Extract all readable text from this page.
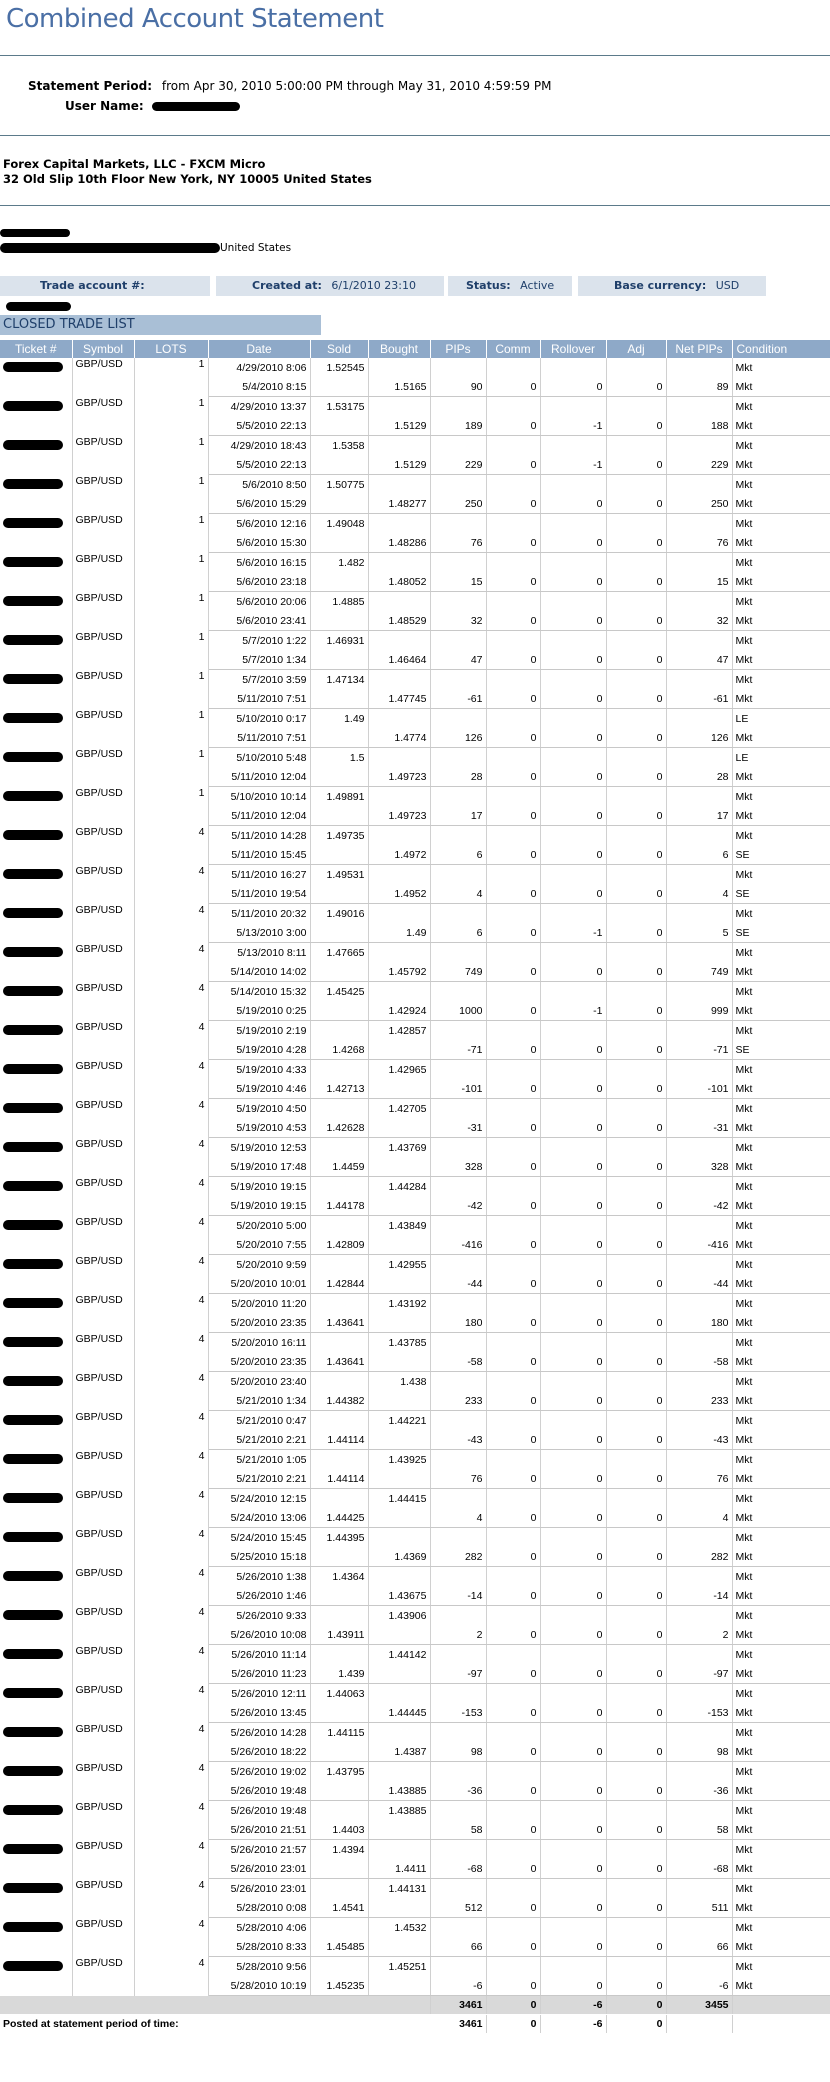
Combined Account Statement
Statement Period: from Apr 30, 2010 5:00:00 PM through May 31, 2010 4:59:59 PM
User Name:
Forex Capital Markets, LLC - FXCM Micro
32 Old Slip 10th Floor New York, NY 10005 United States
United States
Trade account #:	Created at: 6/1/2010 23:10	Status: Active	Base currency: USD
CLOSED TRADE LIST
Ticket #	Symbol	LOTS	Date	Sold	Bought	PIPs	Comm	Rollover	Adj	Net PIPs	Condition
	GBP/USD	1	4/29/2010 8:06	1.52545							Mkt
			5/4/2010 8:15		1.5165	90	0	0	0	89	Mkt
	GBP/USD	1	4/29/2010 13:37	1.53175							Mkt
			5/5/2010 22:13		1.5129	189	0	-1	0	188	Mkt
	GBP/USD	1	4/29/2010 18:43	1.5358							Mkt
			5/5/2010 22:13		1.5129	229	0	-1	0	229	Mkt
	GBP/USD	1	5/6/2010 8:50	1.50775							Mkt
			5/6/2010 15:29		1.48277	250	0	0	0	250	Mkt
	GBP/USD	1	5/6/2010 12:16	1.49048							Mkt
			5/6/2010 15:30		1.48286	76	0	0	0	76	Mkt
	GBP/USD	1	5/6/2010 16:15	1.482							Mkt
			5/6/2010 23:18		1.48052	15	0	0	0	15	Mkt
	GBP/USD	1	5/6/2010 20:06	1.4885							Mkt
			5/6/2010 23:41		1.48529	32	0	0	0	32	Mkt
	GBP/USD	1	5/7/2010 1:22	1.46931							Mkt
			5/7/2010 1:34		1.46464	47	0	0	0	47	Mkt
	GBP/USD	1	5/7/2010 3:59	1.47134							Mkt
			5/11/2010 7:51		1.47745	-61	0	0	0	-61	Mkt
	GBP/USD	1	5/10/2010 0:17	1.49							LE
			5/11/2010 7:51		1.4774	126	0	0	0	126	Mkt
	GBP/USD	1	5/10/2010 5:48	1.5							LE
			5/11/2010 12:04		1.49723	28	0	0	0	28	Mkt
	GBP/USD	1	5/10/2010 10:14	1.49891							Mkt
			5/11/2010 12:04		1.49723	17	0	0	0	17	Mkt
	GBP/USD	4	5/11/2010 14:28	1.49735							Mkt
			5/11/2010 15:45		1.4972	6	0	0	0	6	SE
	GBP/USD	4	5/11/2010 16:27	1.49531							Mkt
			5/11/2010 19:54		1.4952	4	0	0	0	4	SE
	GBP/USD	4	5/11/2010 20:32	1.49016							Mkt
			5/13/2010 3:00		1.49	6	0	-1	0	5	SE
	GBP/USD	4	5/13/2010 8:11	1.47665							Mkt
			5/14/2010 14:02		1.45792	749	0	0	0	749	Mkt
	GBP/USD	4	5/14/2010 15:32	1.45425							Mkt
			5/19/2010 0:25		1.42924	1000	0	-1	0	999	Mkt
	GBP/USD	4	5/19/2010 2:19		1.42857						Mkt
			5/19/2010 4:28	1.4268		-71	0	0	0	-71	SE
	GBP/USD	4	5/19/2010 4:33		1.42965						Mkt
			5/19/2010 4:46	1.42713		-101	0	0	0	-101	Mkt
	GBP/USD	4	5/19/2010 4:50		1.42705						Mkt
			5/19/2010 4:53	1.42628		-31	0	0	0	-31	Mkt
	GBP/USD	4	5/19/2010 12:53		1.43769						Mkt
			5/19/2010 17:48	1.4459		328	0	0	0	328	Mkt
	GBP/USD	4	5/19/2010 19:15		1.44284						Mkt
			5/19/2010 19:15	1.44178		-42	0	0	0	-42	Mkt
	GBP/USD	4	5/20/2010 5:00		1.43849						Mkt
			5/20/2010 7:55	1.42809		-416	0	0	0	-416	Mkt
	GBP/USD	4	5/20/2010 9:59		1.42955						Mkt
			5/20/2010 10:01	1.42844		-44	0	0	0	-44	Mkt
	GBP/USD	4	5/20/2010 11:20		1.43192						Mkt
			5/20/2010 23:35	1.43641		180	0	0	0	180	Mkt
	GBP/USD	4	5/20/2010 16:11		1.43785						Mkt
			5/20/2010 23:35	1.43641		-58	0	0	0	-58	Mkt
	GBP/USD	4	5/20/2010 23:40		1.438						Mkt
			5/21/2010 1:34	1.44382		233	0	0	0	233	Mkt
	GBP/USD	4	5/21/2010 0:47		1.44221						Mkt
			5/21/2010 2:21	1.44114		-43	0	0	0	-43	Mkt
	GBP/USD	4	5/21/2010 1:05		1.43925						Mkt
			5/21/2010 2:21	1.44114		76	0	0	0	76	Mkt
	GBP/USD	4	5/24/2010 12:15		1.44415						Mkt
			5/24/2010 13:06	1.44425		4	0	0	0	4	Mkt
	GBP/USD	4	5/24/2010 15:45	1.44395							Mkt
			5/25/2010 15:18		1.4369	282	0	0	0	282	Mkt
	GBP/USD	4	5/26/2010 1:38	1.4364							Mkt
			5/26/2010 1:46		1.43675	-14	0	0	0	-14	Mkt
	GBP/USD	4	5/26/2010 9:33		1.43906						Mkt
			5/26/2010 10:08	1.43911		2	0	0	0	2	Mkt
	GBP/USD	4	5/26/2010 11:14		1.44142						Mkt
			5/26/2010 11:23	1.439		-97	0	0	0	-97	Mkt
	GBP/USD	4	5/26/2010 12:11	1.44063							Mkt
			5/26/2010 13:45		1.44445	-153	0	0	0	-153	Mkt
	GBP/USD	4	5/26/2010 14:28	1.44115							Mkt
			5/26/2010 18:22		1.4387	98	0	0	0	98	Mkt
	GBP/USD	4	5/26/2010 19:02	1.43795							Mkt
			5/26/2010 19:48		1.43885	-36	0	0	0	-36	Mkt
	GBP/USD	4	5/26/2010 19:48		1.43885						Mkt
			5/26/2010 21:51	1.4403		58	0	0	0	58	Mkt
	GBP/USD	4	5/26/2010 21:57	1.4394							Mkt
			5/26/2010 23:01		1.4411	-68	0	0	0	-68	Mkt
	GBP/USD	4	5/26/2010 23:01		1.44131						Mkt
			5/28/2010 0:08	1.4541		512	0	0	0	511	Mkt
	GBP/USD	4	5/28/2010 4:06		1.4532						Mkt
			5/28/2010 8:33	1.45485		66	0	0	0	66	Mkt
	GBP/USD	4	5/28/2010 9:56		1.45251						Mkt
			5/28/2010 10:19	1.45235		-6	0	0	0	-6	Mkt
						3461	0	-6	0	3455	
Posted at statement period of time:						3461	0	-6	0		
